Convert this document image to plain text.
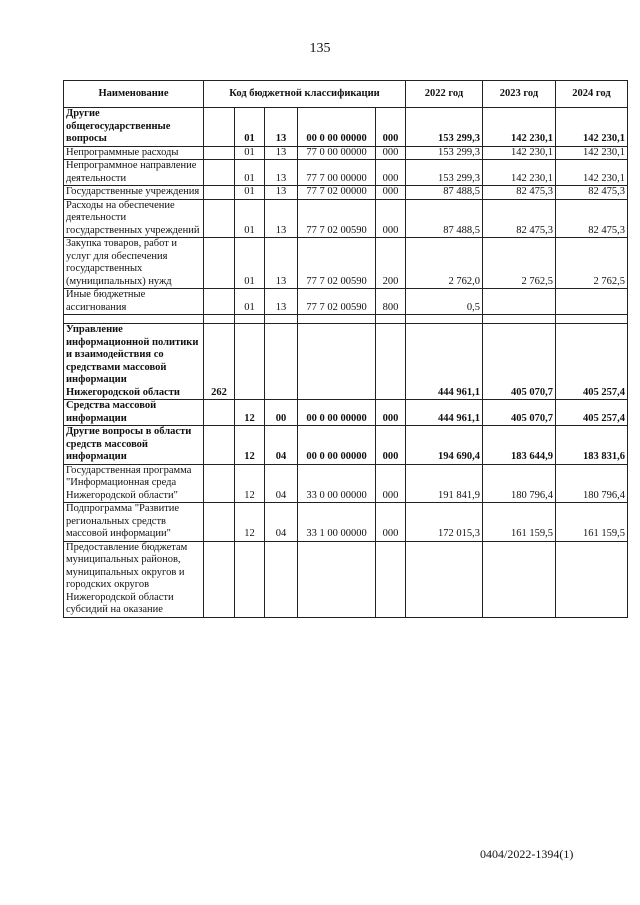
135
Наименование	Код бюджетной классификации					2022 год	2023 год	2024 год
Другие общегосударственные вопросы		01	13	00 0 00 00000	000	153 299,3	142 230,1	142 230,1
Непрограммные расходы		01	13	77 0 00 00000	000	153 299,3	142 230,1	142 230,1
Непрограммное направление деятельности		01	13	77 7 00 00000	000	153 299,3	142 230,1	142 230,1
Государственные учреждения		01	13	77 7 02 00000	000	87 488,5	82 475,3	82 475,3
Расходы на обеспечение деятельности государственных учреждений		01	13	77 7 02 00590	000	87 488,5	82 475,3	82 475,3
Закупка товаров, работ и услуг для обеспечения государственных (муниципальных) нужд		01	13	77 7 02 00590	200	2 762,0	2 762,5	2 762,5
Иные бюджетные ассигнования		01	13	77 7 02 00590	800	0,5		

Управление информационной политики и взаимодействия со средствами массовой информации Нижегородской области	262					444 961,1	405 070,7	405 257,4
Средства массовой информации		12	00	00 0 00 00000	000	444 961,1	405 070,7	405 257,4
Другие вопросы в области средств массовой информации		12	04	00 0 00 00000	000	194 690,4	183 644,9	183 831,6
Государственная программа "Информационная среда Нижегородской области"		12	04	33 0 00 00000	000	191 841,9	180 796,4	180 796,4
Подпрограмма "Развитие региональных средств массовой информации"		12	04	33 1 00 00000	000	172 015,3	161 159,5	161 159,5
Предоставление бюджетам муниципальных районов, муниципальных округов и городских округов Нижегородской области субсидий на оказание								
0404/2022-1394(1)
